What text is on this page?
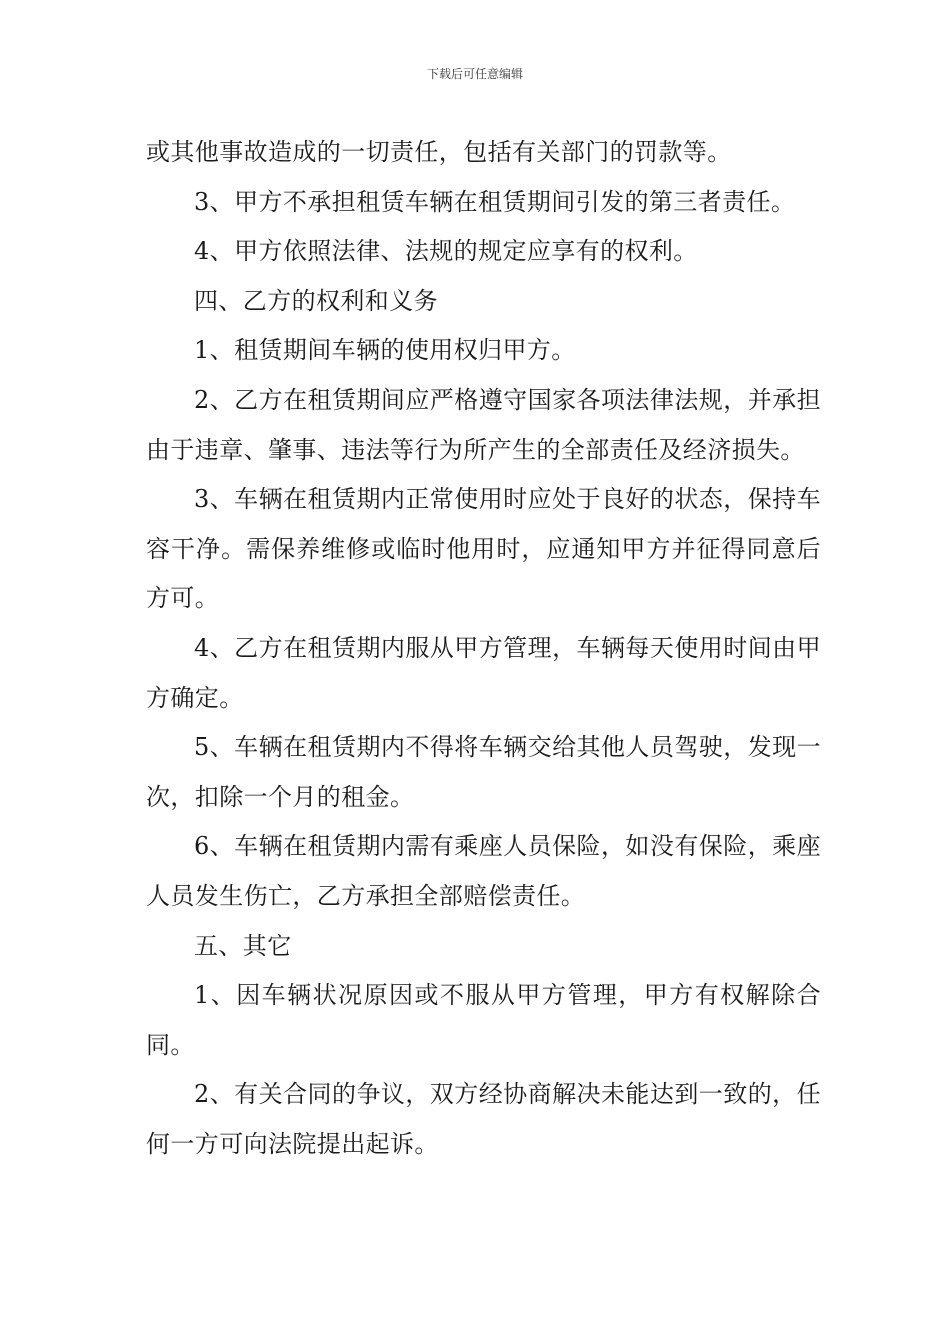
下载后可任意编辑

或其他事故造成的一切责任，包括有关部门的罚款等。

3、甲方不承担租赁车辆在租赁期间引发的第三者责任。

4、甲方依照法律、法规的规定应享有的权利。

四、乙方的权利和义务

1、租赁期间车辆的使用权归甲方。

2、乙方在租赁期间应严格遵守国家各项法律法规，并承担由于违章、肇事、违法等行为所产生的全部责任及经济损失。

3、车辆在租赁期内正常使用时应处于良好的状态，保持车容干净。需保养维修或临时他用时，应通知甲方并征得同意后方可。

4、乙方在租赁期内服从甲方管理，车辆每天使用时间由甲方确定。

5、车辆在租赁期内不得将车辆交给其他人员驾驶，发现一次，扣除一个月的租金。

6、车辆在租赁期内需有乘座人员保险，如没有保险，乘座人员发生伤亡，乙方承担全部赔偿责任。

五、其它

1、因车辆状况原因或不服从甲方管理，甲方有权解除合同。

2、有关合同的争议，双方经协商解决未能达到一致的，任何一方可向法院提出起诉。
